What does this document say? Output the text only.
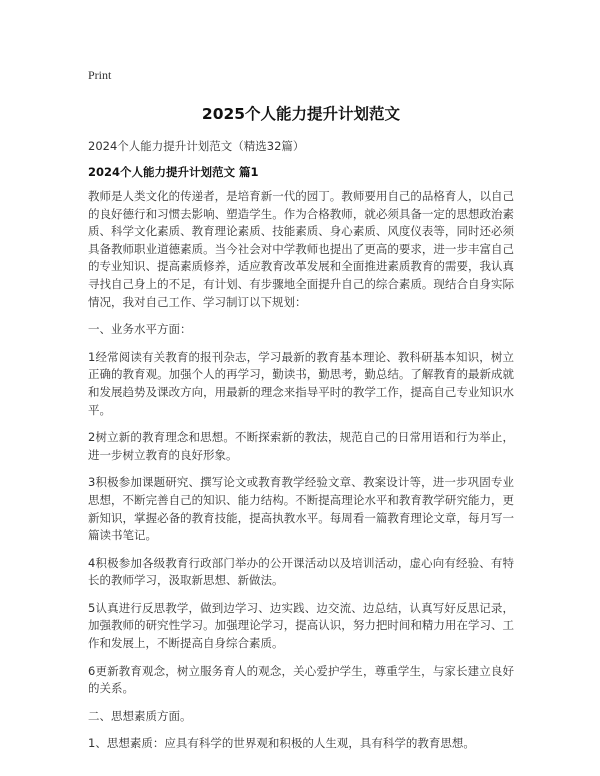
Print
2025个人能力提升计划范文
2024个人能力提升计划范文（精选32篇）
2024个人能力提升计划范文 篇1
教师是人类文化的传递者，是培育新一代的园丁。教师要用自己的品格育人，以自己的良好德行和习惯去影响、塑造学生。作为合格教师，就必须具备一定的思想政治素质、科学文化素质、教育理论素质、技能素质、身心素质、风度仪表等，同时还必须具备教师职业道德素质。当今社会对中学教师也提出了更高的要求，进一步丰富自己的专业知识、提高素质修养，适应教育改革发展和全面推进素质教育的需要，我认真寻找自己身上的不足，有计划、有步骤地全面提升自己的综合素质。现结合自身实际情况，我对自己工作、学习制订以下规划：
一、业务水平方面：
1经常阅读有关教育的报刊杂志，学习最新的教育基本理论、教科研基本知识，树立正确的教育观。加强个人的再学习，勤读书，勤思考，勤总结。了解教育的最新成就和发展趋势及课改方向，用最新的理念来指导平时的教学工作，提高自己专业知识水平。
2树立新的教育理念和思想。不断探索新的教法，规范自己的日常用语和行为举止，进一步树立教育的良好形象。
3积极参加课题研究、撰写论文或教育教学经验文章、教案设计等，进一步巩固专业思想，不断完善自己的知识、能力结构。不断提高理论水平和教育教学研究能力，更新知识，掌握必备的教育技能，提高执教水平。每周看一篇教育理论文章，每月写一篇读书笔记。
4积极参加各级教育行政部门举办的公开课活动以及培训活动，虚心向有经验、有特长的教师学习，汲取新思想、新做法。
5认真进行反思教学，做到边学习、边实践、边交流、边总结，认真写好反思记录，加强教师的研究性学习。加强理论学习，提高认识，努力把时间和精力用在学习、工作和发展上，不断提高自身综合素质。
6更新教育观念，树立服务育人的观念，关心爱护学生，尊重学生，与家长建立良好的关系。
二、思想素质方面。
1、思想素质：应具有科学的世界观和积极的人生观，具有科学的教育思想。
